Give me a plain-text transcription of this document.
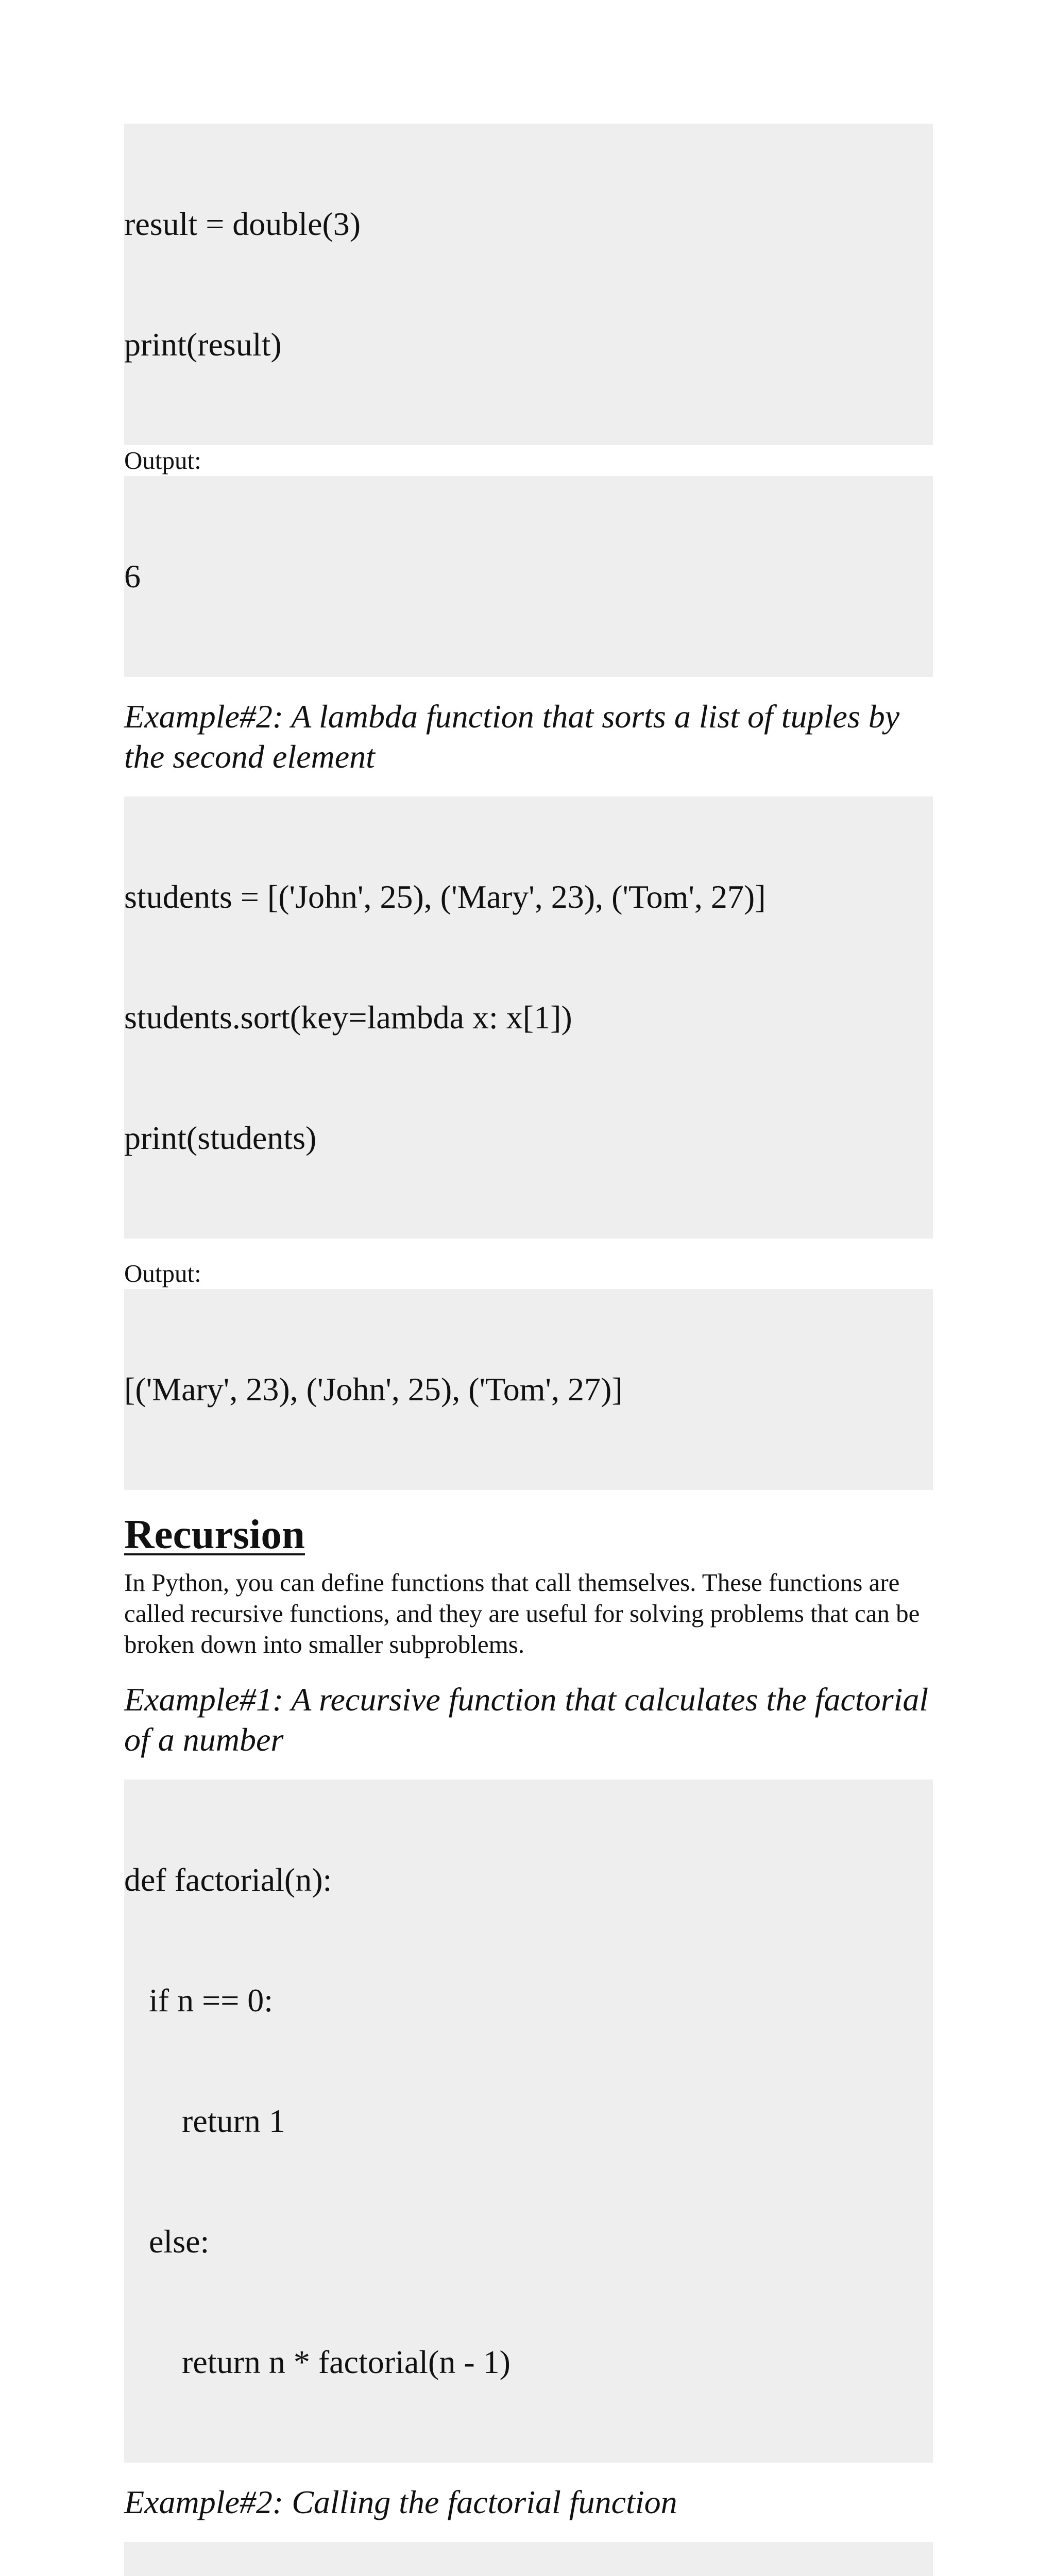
result = double(3)

print(result)

Output:

6

Example#2: A lambda function that sorts a list of tuples by the second element

students = [('John', 25), ('Mary', 23), ('Tom', 27)]

students.sort(key=lambda x: x[1])

print(students)

Output:

[('Mary', 23), ('John', 25), ('Tom', 27)]

Recursion

In Python, you can define functions that call themselves. These functions are called recursive functions, and they are useful for solving problems that can be broken down into smaller subproblems.

Example#1: A recursive function that calculates the factorial of a number

def factorial(n):

if n == 0:

return 1

else:

return n * factorial(n - 1)

Example#2: Calling the factorial function
